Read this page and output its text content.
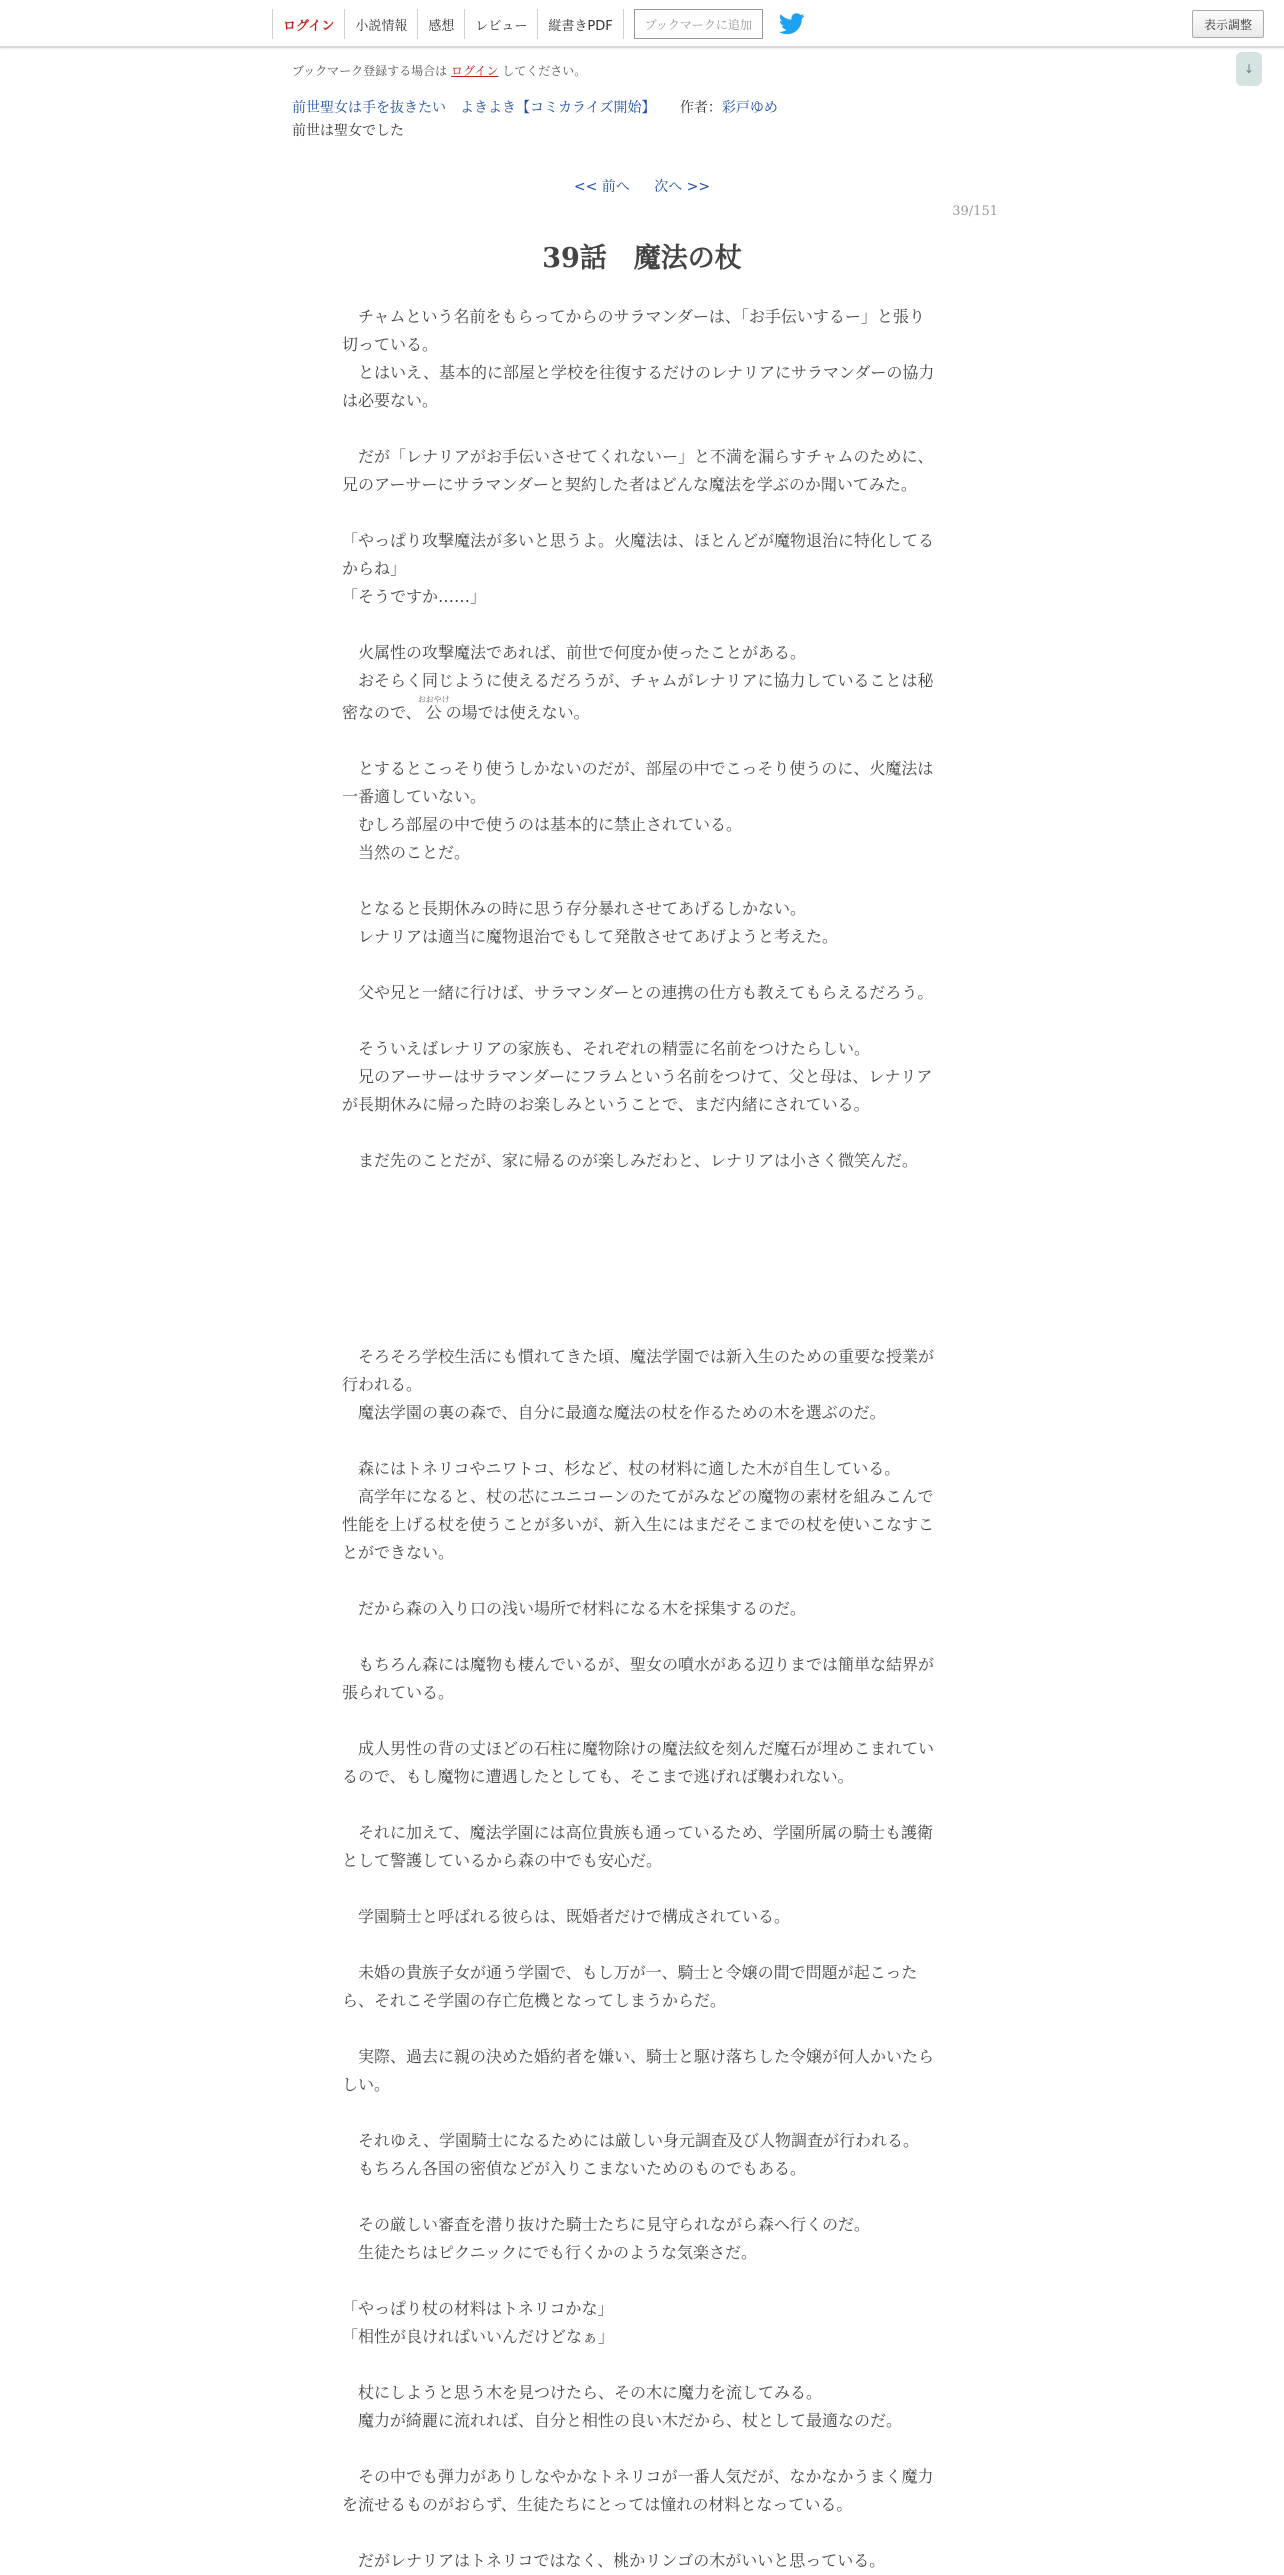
ログイン	小説情報	感想	レビュー	縦書きPDF	ブックマークに追加	表示調整
↓
ブックマーク登録する場合は ログイン してください。
前世聖女は手を抜きたい　よきよき【コミカライズ開始】 作者：彩戸ゆめ
前世は聖女でした
<< 前へ 次へ >>
39/151
39話　魔法の杖

　チャムという名前をもらってからのサラマンダーは、「お手伝いするー」と張り切っている。

　とはいえ、基本的に部屋と学校を往復するだけのレナリアにサラマンダーの協力は必要ない。

　だが「レナリアがお手伝いさせてくれないー」と不満を漏らすチャムのために、兄のアーサーにサラマンダーと契約した者はどんな魔法を学ぶのか聞いてみた。

「やっぱり攻撃魔法が多いと思うよ。火魔法は、ほとんどが魔物退治に特化してるからね」

「そうですか……」

　火属性の攻撃魔法であれば、前世で何度か使ったことがある。

　おそらく同じように使えるだろうが、チャムがレナリアに協力していることは秘

密なので、公おおやけの場では使えない。

　とするとこっそり使うしかないのだが、部屋の中でこっそり使うのに、火魔法は一番適していない。

　むしろ部屋の中で使うのは基本的に禁止されている。

　当然のことだ。

　となると長期休みの時に思う存分暴れさせてあげるしかない。

　レナリアは適当に魔物退治でもして発散させてあげようと考えた。

　父や兄と一緒に行けば、サラマンダーとの連携の仕方も教えてもらえるだろう。

　そういえばレナリアの家族も、それぞれの精霊に名前をつけたらしい。

　兄のアーサーはサラマンダーにフラムという名前をつけて、父と母は、レナリアが長期休みに帰った時のお楽しみということで、まだ内緒にされている。

　まだ先のことだが、家に帰るのが楽しみだわと、レナリアは小さく微笑んだ。

　そろそろ学校生活にも慣れてきた頃、魔法学園では新入生のための重要な授業が行われる。

　魔法学園の裏の森で、自分に最適な魔法の杖を作るための木を選ぶのだ。

　森にはトネリコやニワトコ、杉など、杖の材料に適した木が自生している。

　高学年になると、杖の芯にユニコーンのたてがみなどの魔物の素材を組みこんで性能を上げる杖を使うことが多いが、新入生にはまだそこまでの杖を使いこなすことができない。

　だから森の入り口の浅い場所で材料になる木を採集するのだ。

　もちろん森には魔物も棲んでいるが、聖女の噴水がある辺りまでは簡単な結界が張られている。

　成人男性の背の丈ほどの石柱に魔物除けの魔法紋を刻んだ魔石が埋めこまれているので、もし魔物に遭遇したとしても、そこまで逃げれば襲われない。

　それに加えて、魔法学園には高位貴族も通っているため、学園所属の騎士も護衛として警護しているから森の中でも安心だ。

　学園騎士と呼ばれる彼らは、既婚者だけで構成されている。

　未婚の貴族子女が通う学園で、もし万が一、騎士と令嬢の間で問題が起こったら、それこそ学園の存亡危機となってしまうからだ。

　実際、過去に親の決めた婚約者を嫌い、騎士と駆け落ちした令嬢が何人かいたらしい。

　それゆえ、学園騎士になるためには厳しい身元調査及び人物調査が行われる。

　もちろん各国の密偵などが入りこまないためのものでもある。

　その厳しい審査を潜り抜けた騎士たちに見守られながら森へ行くのだ。

　生徒たちはピクニックにでも行くかのような気楽さだ。

「やっぱり杖の材料はトネリコかな」

「相性が良ければいいんだけどなぁ」

　杖にしようと思う木を見つけたら、その木に魔力を流してみる。

　魔力が綺麗に流れれば、自分と相性の良い木だから、杖として最適なのだ。

　その中でも弾力がありしなやかなトネリコが一番人気だが、なかなかうまく魔力を流せるものがおらず、生徒たちにとっては憧れの材料となっている。

　だがレナリアはトネリコではなく、桃かリンゴの木がいいと思っている。
